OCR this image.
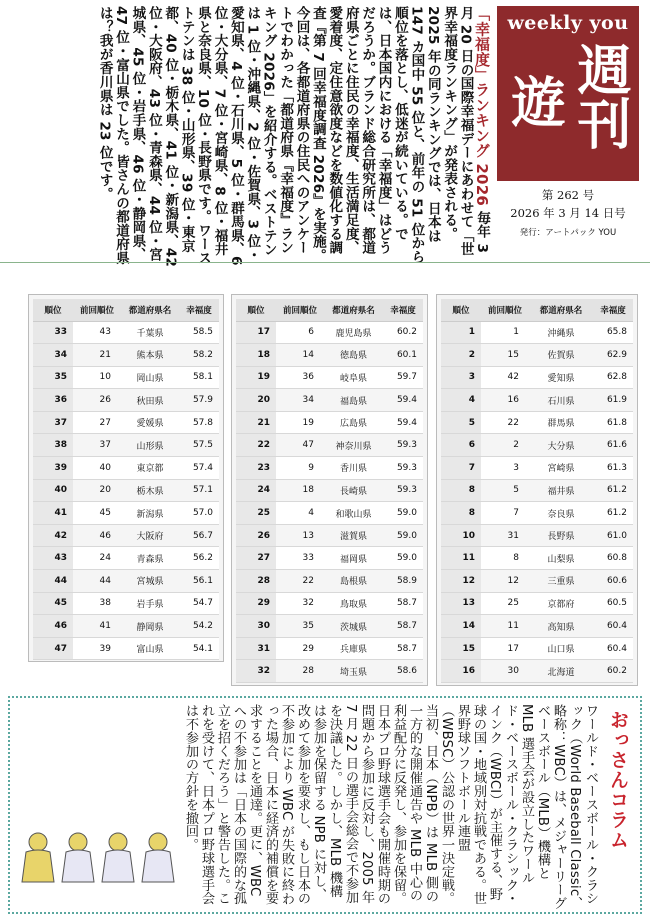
「幸福度」ランキング 2026 毎年 3 月 20 日の国際幸福デーにあわせて「世界幸福度ランキング」が発表される。2025 年の同ランキングでは、日本は 147 カ国中 55 位と、前年の 51 位から順位を落とし、低迷が続いている。では、日本国内における「幸福度」はどうだろうか。ブランド総合研究所は、都道府県ごとに住民の幸福度、生活満足度、愛着度、定住意欲度などを数値化する調査『第 7 回幸福度調査 2026』を実施。今回は、各都道府県の住民へのアンケートでわかった「都道府県『幸福度』ランキング 2026」を紹介する。ベストテンは 1 位・沖縄県、2 位・佐賀県、3 位・愛知県、4 位・石川県、5 位・群馬県、6 位・大分県、7 位・宮崎県、8 位・福井県と奈良県、10 位・長野県です。ワーストテンは 38 位・山形県、39 位・東京都、40 位・栃木県、41 位・新潟県、42 位・大阪府、43 位・青森県、44 位・宮城県、45 位・岩手県、46 位・静岡県、47 位・富山県でした。皆さんの都道府県は？我が香川県は 23 位です。	weekly you
週刊
遊
第 262 号
2026 年 3 月 14 日号
発行：アートパック YOU
順位	前回順位	都道府県名	幸福度
1	1	沖縄県	65.8
2	15	佐賀県	62.9
3	42	愛知県	62.8
4	16	石川県	61.9
5	22	群馬県	61.8
6	2	大分県	61.6
7	3	宮崎県	61.3
8	5	福井県	61.2
8	7	奈良県	61.2
10	31	長野県	61.0
11	8	山梨県	60.8
12	12	三重県	60.6
13	25	京都府	60.5
14	11	高知県	60.4
15	17	山口県	60.4
16	30	北海道	60.2
順位	前回順位	都道府県名	幸福度
17	6	鹿児島県	60.2
18	14	徳島県	60.1
19	36	岐阜県	59.7
20	34	福島県	59.4
21	19	広島県	59.4
22	47	神奈川県	59.3
23	9	香川県	59.3
24	18	長崎県	59.3
25	4	和歌山県	59.0
26	13	滋賀県	59.0
27	33	福岡県	59.0
28	22	島根県	58.9
29	32	鳥取県	58.7
30	35	茨城県	58.7
31	29	兵庫県	58.7
32	28	埼玉県	58.6
順位	前回順位	都道府県名	幸福度
33	43	千葉県	58.5
34	21	熊本県	58.2
35	10	岡山県	58.1
36	26	秋田県	57.9
37	27	愛媛県	57.8
38	37	山形県	57.5
39	40	東京都	57.4
40	20	栃木県	57.1
41	45	新潟県	57.0
42	46	大阪府	56.7
43	24	青森県	56.2
44	44	宮城県	56.1
45	38	岩手県	54.7
46	41	静岡県	54.2
47	39	富山県	54.1
おっさんコラム
ワールド・ベースボール・クラシック（World Baseball Classic、略称：WBC）は、メジャーリーグベースボール（MLB）機構と MLB 選手会が設立したワールド・ベースボール・クラシック・インク（WBCI）が主催する、野球の国・地域別対抗戦である。世界野球ソフトボール連盟（WBSC）公認の世界一決定戦。当初、日本（NPB）は MLB 側の一方的な開催通告や MLB 中心の利益配分に反発し、参加を保留。日本プロ野球選手会も開催時期の問題から参加に反対し、2005 年 7 月 22 日の選手会総会で不参加を決議した。しかし、MLB 機構は参加を保留する NPB に対し、改めて参加を要求し、もし日本の不参加により WBC が失敗に終わった場合、日本に経済的補償を要求することを通達。更に、WBC への不参加は「日本の国際的な孤立を招くだろう」と警告した。これを受けて、日本プロ野球選手会は不参加の方針を撤回。
